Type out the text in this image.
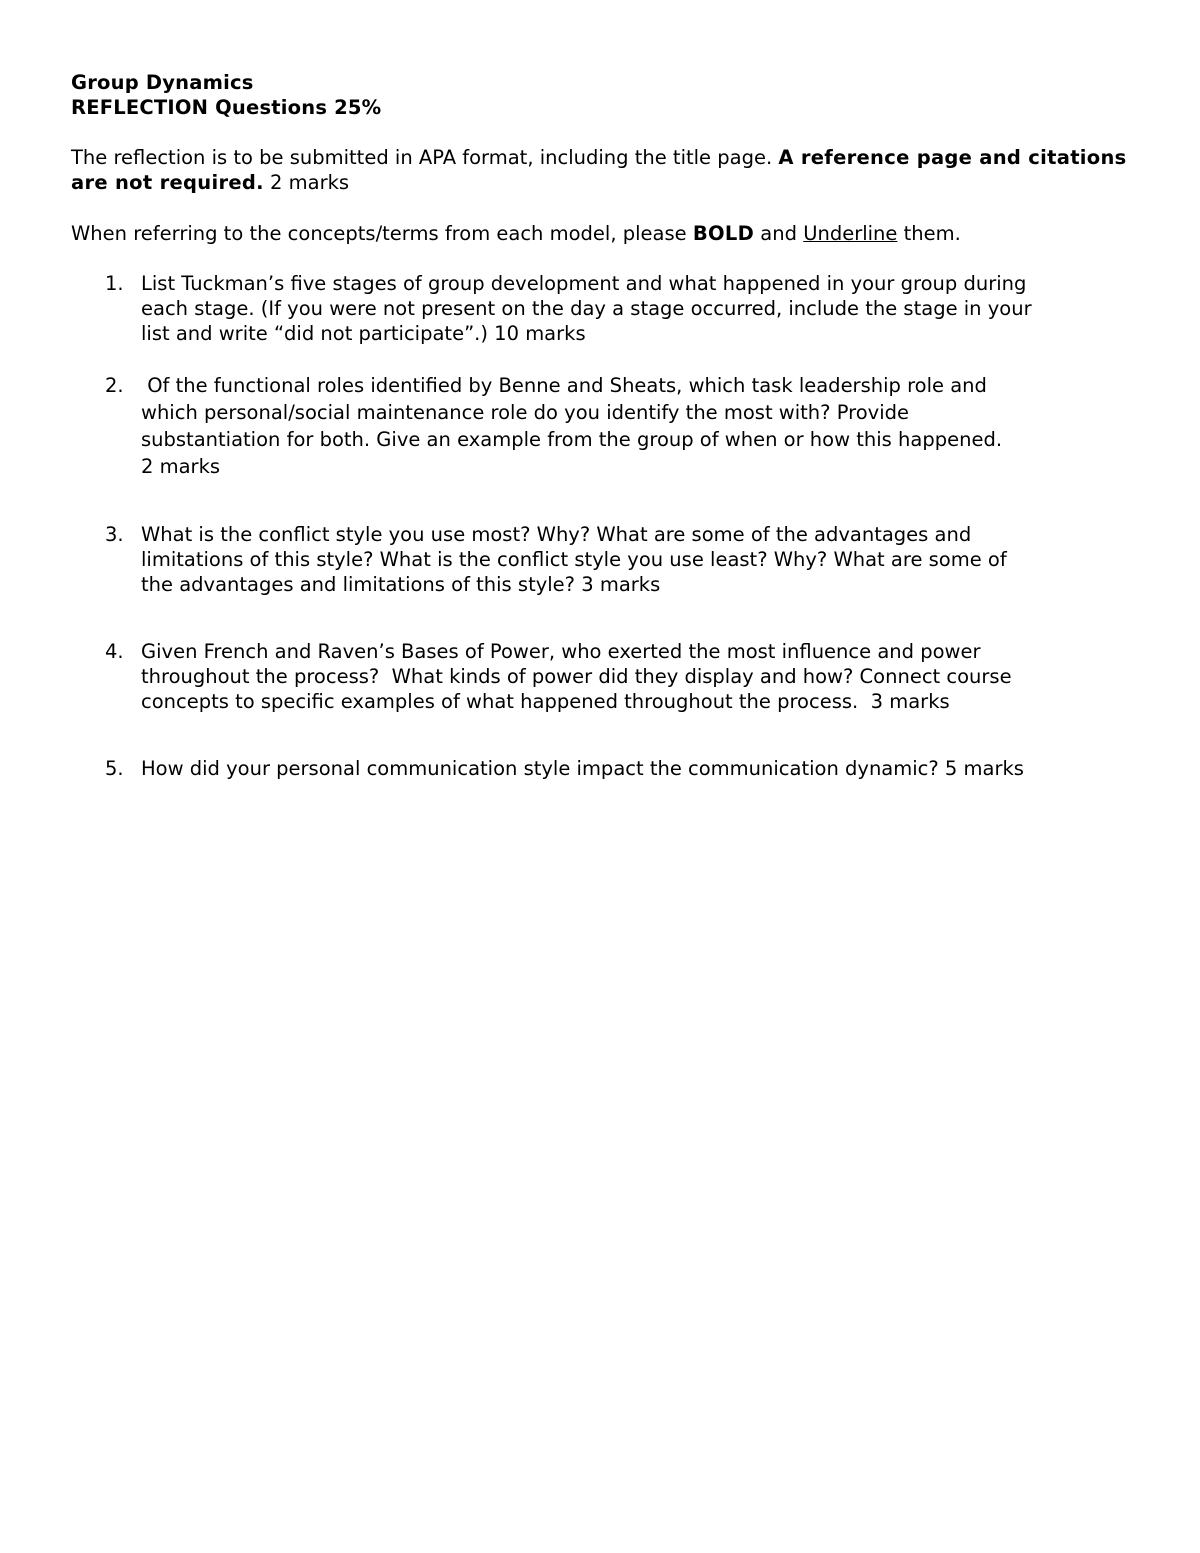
Group Dynamics

REFLECTION Questions 25%

The reflection is to be submitted in APA format, including the title page. A reference page and citations are not required. 2 marks

When referring to the concepts/terms from each model, please BOLD and Underline them.

1. List Tuckman’s five stages of group development and what happened in your group during
each stage. (If you were not present on the day a stage occurred, include the stage in your
list and write “did not participate”.) 10 marks
2. Of the functional roles identified by Benne and Sheats, which task leadership role and
which personal/social maintenance role do you identify the most with? Provide
substantiation for both. Give an example from the group of when or how this happened.
2 marks
3. What is the conflict style you use most? Why? What are some of the advantages and
limitations of this style? What is the conflict style you use least? Why? What are some of
the advantages and limitations of this style? 3 marks
4. Given French and Raven’s Bases of Power, who exerted the most influence and power
throughout the process?  What kinds of power did they display and how? Connect course
concepts to specific examples of what happened throughout the process.  3 marks
5. How did your personal communication style impact the communication dynamic? 5 marks
